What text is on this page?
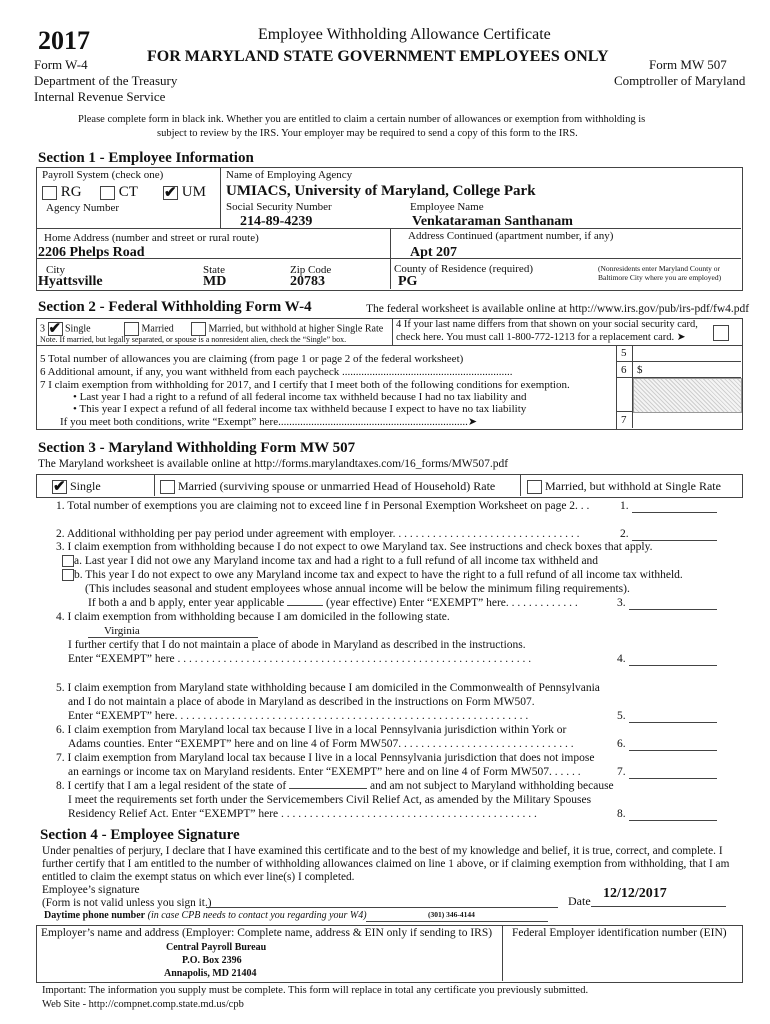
2017
Form W-4
Department of the Treasury
Internal Revenue Service
Employee Withholding Allowance Certificate
FOR MARYLAND STATE GOVERNMENT EMPLOYEES ONLY	Form MW 507
Comptroller of Maryland
Please complete form in black ink. Whether you are entitled to claim a certain number of allowances or exemption from withholding is
subject to review by the IRS. Your employer may be required to send a copy of this form to the IRS.
Section 1 - Employee Information
Payroll System (check one)
RG	CT ✔ UM
Name of Employing Agency
UMIACS, University of Maryland, College Park
Agency Number	Social Security Number
214-89-4239
Employee Name
Venkataraman Santhanam
Home Address (number and street or rural route)	Address Continued (apartment number, if any)
2206 Phelps Road	Apt 207
City
Hyattsville
State
MD
Zip Code
20783
County of Residence (required)
PG
(Nonresidents enter Maryland County or
Baltimore City where you are employed)
Section 2 - Federal Withholding Form W-4	The federal worksheet is available online at http://www.irs.gov/pub/irs-pdf/fw4.pdf
3 ✔ Single	Married	Married, but withhold at higher Single Rate
Note. If married, but legally separated, or spouse is a nonresident alien, check the “Single” box.
4 If your last name differs from that shown on your social security card,
check here. You must call 1-800-772-1213 for a replacement card. ➤
5 Total number of allowances you are claiming (from page 1 or page 2 of the federal worksheet)
6 Additional amount, if any, you want withheld from each paycheck ..............................................................
7 I claim exemption from withholding for 2017, and I certify that I meet both of the following conditions for exemption.
• Last year I had a right to a refund of all federal income tax withheld because I had no tax liability and
• This year I expect a refund of all federal income tax withheld because I expect to have no tax liability
If you meet both conditions, write “Exempt” here.....................................................................➤
5
6 $
7
Section 3 - Maryland Withholding Form MW 507
The Maryland worksheet is available online at http://forms.marylandtaxes.com/16_forms/MW507.pdf
✔ Single	Married (surviving spouse or unmarried Head of Household) Rate	Married, but withhold at Single Rate
1. Total number of exemptions you are claiming not to exceed line f in Personal Exemption Worksheet on page 2. . .	1.
2. Additional withholding per pay period under agreement with employer. . . . . . . . . . . . . . . . . . . . . . . . . . . . . . . . .	2.
3. I claim exemption from withholding because I do not expect to owe Maryland tax. See instructions and check boxes that apply.
a. Last year I did not owe any Maryland income tax and had a right to a full refund of all income tax withheld and
b. This year I do not expect to owe any Maryland income tax and expect to have the right to a full refund of all income tax withheld.
(This includes seasonal and student employees whose annual income will be below the minimum filing requirements).
If both a and b apply, enter year applicable	(year effective) Enter “EXEMPT” here. . . . . . . . . . . . .	3.
4. I claim exemption from withholding because I am domiciled in the following state.
Virginia
I further certify that I do not maintain a place of abode in Maryland as described in the instructions.
Enter “EXEMPT” here . . . . . . . . . . . . . . . . . . . . . . . . . . . . . . . . . . . . . . . . . . . . . . . . . . . . . . . . . . . . . .	4.
5. I claim exemption from Maryland state withholding because I am domiciled in the Commonwealth of Pennsylvania
and I do not maintain a place of abode in Maryland as described in the instructions on Form MW507.
Enter “EXEMPT” here. . . . . . . . . . . . . . . . . . . . . . . . . . . . . . . . . . . . . . . . . . . . . . . . . . . . . . . . . . . . . .	5.
6. I claim exemption from Maryland local tax because I live in a local Pennsylvania jurisdiction within York or
Adams counties. Enter “EXEMPT” here and on line 4 of Form MW507. . . . . . . . . . . . . . . . . . . . . . . . . . . . . . .	6.
7. I claim exemption from Maryland local tax because I live in a local Pennsylvania jurisdiction that does not impose
an earnings or income tax on Maryland residents. Enter “EXEMPT” here and on line 4 of Form MW507. . . . . .	7.
8. I certify that I am a legal resident of the state of	and am not subject to Maryland withholding because
I meet the requirements set forth under the Servicemembers Civil Relief Act, as amended by the Military Spouses
Residency Relief Act. Enter “EXEMPT” here . . . . . . . . . . . . . . . . . . . . . . . . . . . . . . . . . . . . . . . . . . . . .	8.
Section 4 - Employee Signature
Under penalties of perjury, I declare that I have examined this certificate and to the best of my knowledge and belief, it is true, correct, and complete. I
further certify that I am entitled to the number of withholding allowances claimed on line 1 above, or if claiming exemption from withholding, that I am
entitled to claim the exempt status on which ever line(s) I completed.
Employee’s signature
(Form is not valid unless you sign it.)	Date 12/12/2017
Daytime phone number (in case CPB needs to contact you regarding your W4)	(301) 346-4144
Employer’s name and address (Employer: Complete name, address & EIN only if sending to IRS) Federal Employer identification number (EIN)
Central Payroll Bureau
P.O. Box 2396
Annapolis, MD 21404
Important: The information you supply must be complete. This form will replace in total any certificate you previously submitted.
Web Site - http://compnet.comp.state.md.us/cpb
